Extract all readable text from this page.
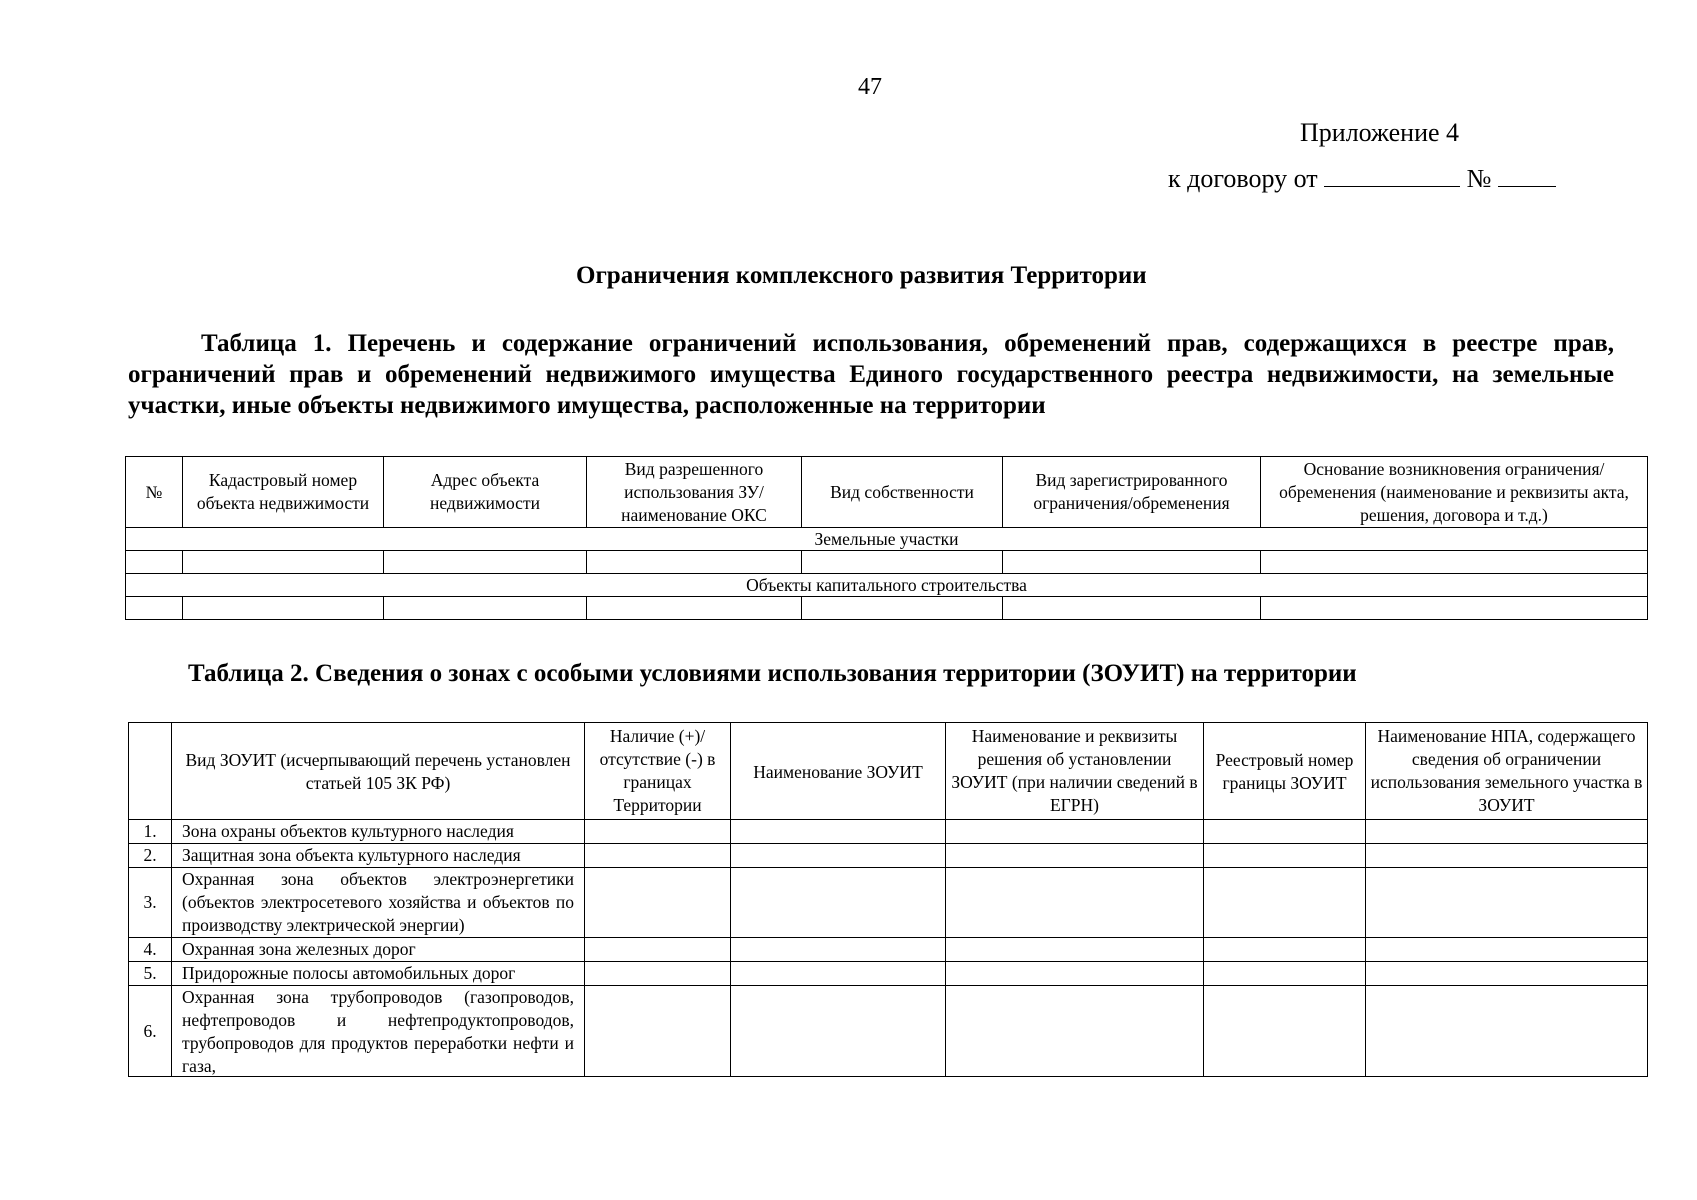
47
Приложение 4
к договору от	№
Ограничения комплексного развития Территории
Таблица 1. Перечень и содержание ограничений использования, обременений прав, содержащихся в реестре прав, ограничений прав и обременений недвижимого имущества Единого государственного реестра недвижимости, на земельные участки, иные объекты недвижимого имущества, расположенные на территории
№	Кадастровый номер объекта недвижимости	Адрес объекта недвижимости	Вид разрешенного использования ЗУ/наименование ОКС	Вид собственности	Вид зарегистрированного ограничения/обременения	Основание возникновения ограничения/обременения (наименование и реквизиты акта, решения, договора и т.д.)
Земельные участки						

Объекты капитального строительства						

Таблица 2. Сведения о зонах с особыми условиями использования территории (ЗОУИТ) на территории
	Вид ЗОУИТ (исчерпывающий перечень установлен статьей 105 ЗК РФ)	Наличие (+)/отсутствие (-) в границах Территории	Наименование ЗОУИТ	Наименование и реквизиты решения об установлении ЗОУИТ (при наличии сведений в ЕГРН)	Реестровый номер границы ЗОУИТ	Наименование НПА, содержащего сведения об ограничении использования земельного участка в ЗОУИТ
1.	Зона охраны объектов культурного наследия					
2.	Защитная зона объекта культурного наследия					
3.	Охранная зона объектов электроэнергетики (объектов электросетевого хозяйства и объектов по производству электрической энергии)					
4.	Охранная зона железных дорог					
5.	Придорожные полосы автомобильных дорог					
6.	Охранная зона трубопроводов (газопроводов, нефтепроводов и нефтепродуктопроводов, трубопроводов для продуктов переработки нефти и газа,					
